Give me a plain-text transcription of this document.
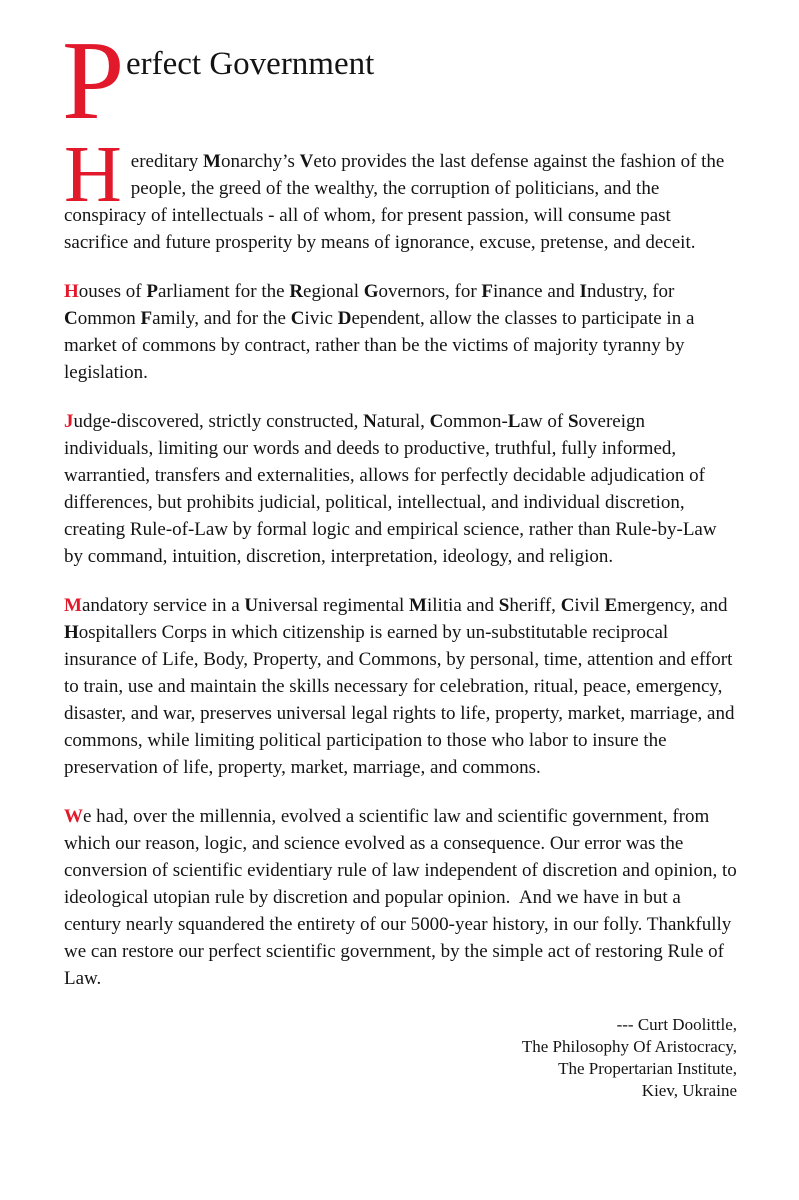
P erfect Government

Hereditary Monarchy’s Veto provides the last defense against the fashion of the people, the greed of the wealthy, the corruption of politicians, and the conspiracy of intellectuals - all of whom, for present passion, will consume past sacrifice and future prosperity by means of ignorance, excuse, pretense, and deceit.

Houses of Parliament for the Regional Governors, for Finance and Industry, for Common Family, and for the Civic Dependent, allow the classes to participate in a market of commons by contract, rather than be the victims of majority tyranny by legislation.

Judge-discovered, strictly constructed, Natural, Common-Law of Sovereign individuals, limiting our words and deeds to productive, truthful, fully informed, warrantied, transfers and externalities, allows for perfectly decidable adjudication of differences, but prohibits judicial, political, intellectual, and individual discretion, creating Rule-of-Law by formal logic and empirical science, rather than Rule-by-Law by command, intuition, discretion, interpretation, ideology, and religion.

Mandatory service in a Universal regimental Militia and Sheriff, Civil Emergency, and Hospitallers Corps in which citizenship is earned by un-substitutable reciprocal insurance of Life, Body, Property, and Commons, by personal, time, attention and effort to train, use and maintain the skills necessary for celebration, ritual, peace, emergency, disaster, and war, preserves universal legal rights to life, property, market, marriage, and commons, while limiting political participation to those who labor to insure the preservation of life, property, market, marriage, and commons.

We had, over the millennia, evolved a scientific law and scientific government, from which our reason, logic, and science evolved as a consequence. Our error was the conversion of scientific evidentiary rule of law independent of discretion and opinion, to ideological utopian rule by discretion and popular opinion.  And we have in but a century nearly squandered the entirety of our 5000-year history, in our folly. Thankfully we can restore our perfect scientific government, by the simple act of restoring Rule of Law.

--- Curt Doolittle,
The Philosophy Of Aristocracy,
The Propertarian Institute,
Kiev, Ukraine
